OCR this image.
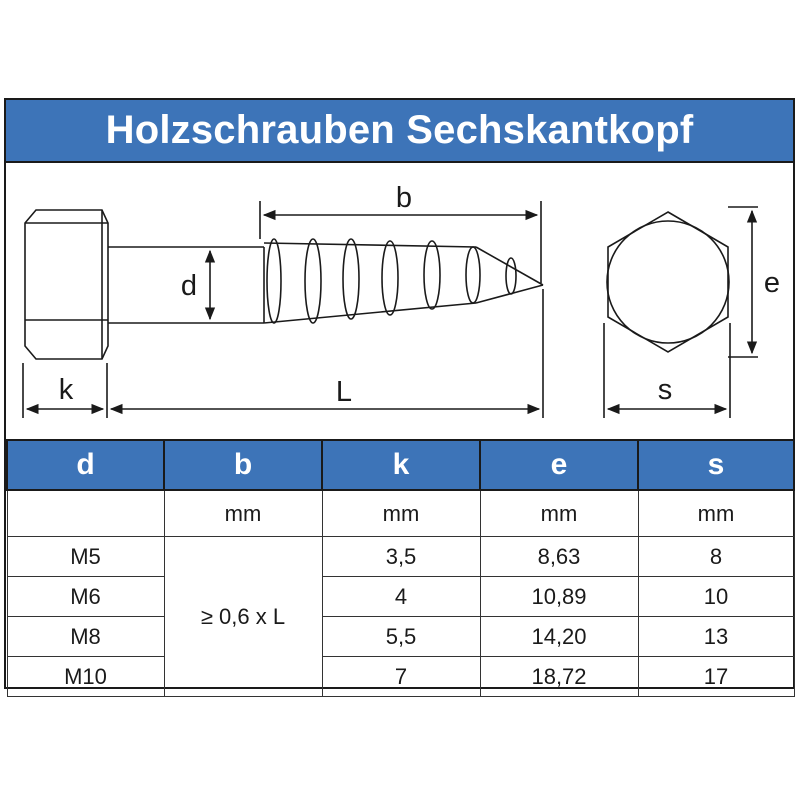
Holzschrauben Sechskantkopf
b
d
k	L
e
s
d	b	k	e	s
	mm	mm	mm	mm
M5	≥ 0,6 x L	3,5	8,63	8
M6		4	10,89	10
M8		5,5	14,20	13
M10		7	18,72	17
